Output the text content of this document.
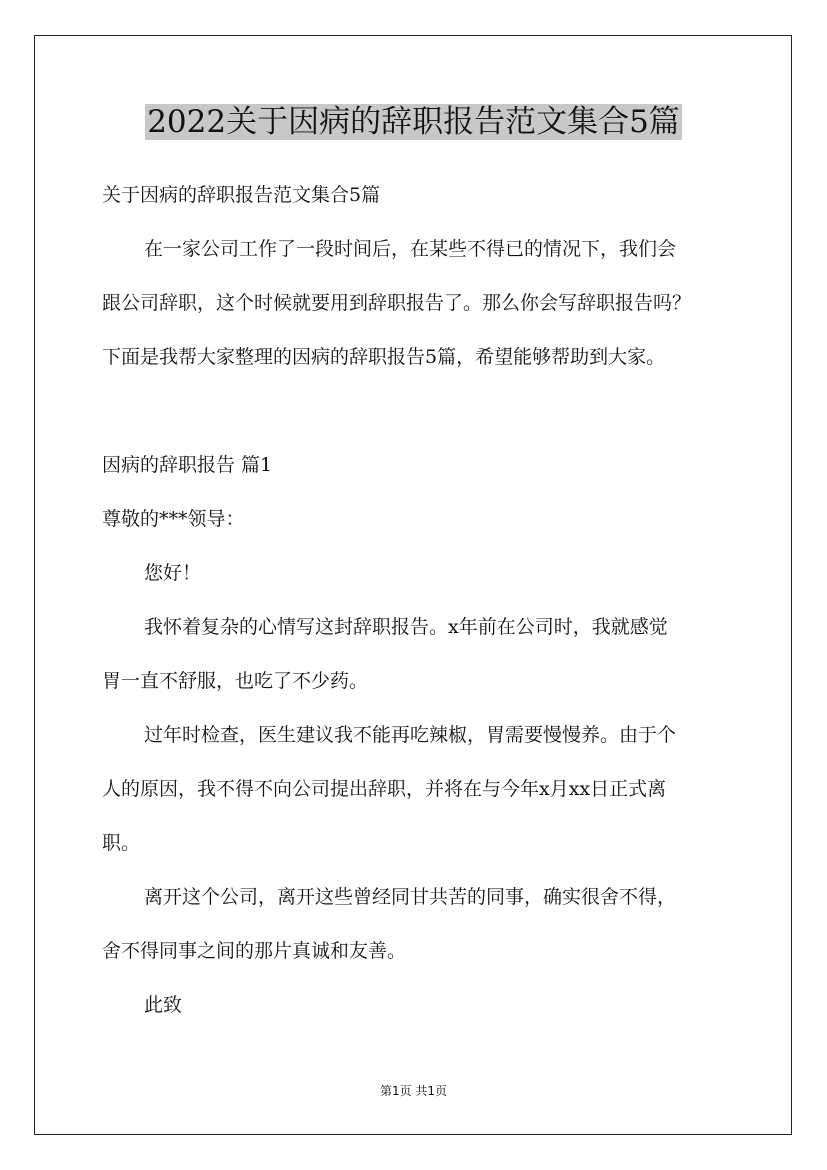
2022关于因病的辞职报告范文集合5篇
关于因病的辞职报告范文集合5篇
在一家公司工作了一段时间后，在某些不得已的情况下，我们会
跟公司辞职，这个时候就要用到辞职报告了。那么你会写辞职报告吗？
下面是我帮大家整理的因病的辞职报告5篇，希望能够帮助到大家。
因病的辞职报告 篇1
尊敬的***领导：
您好！
我怀着复杂的心情写这封辞职报告。x年前在公司时，我就感觉
胃一直不舒服，也吃了不少药。
过年时检查，医生建议我不能再吃辣椒，胃需要慢慢养。由于个
人的原因，我不得不向公司提出辞职，并将在与今年x月xx日正式离
职。
离开这个公司，离开这些曾经同甘共苦的同事，确实很舍不得，
舍不得同事之间的那片真诚和友善。
此致
第1页 共1页
